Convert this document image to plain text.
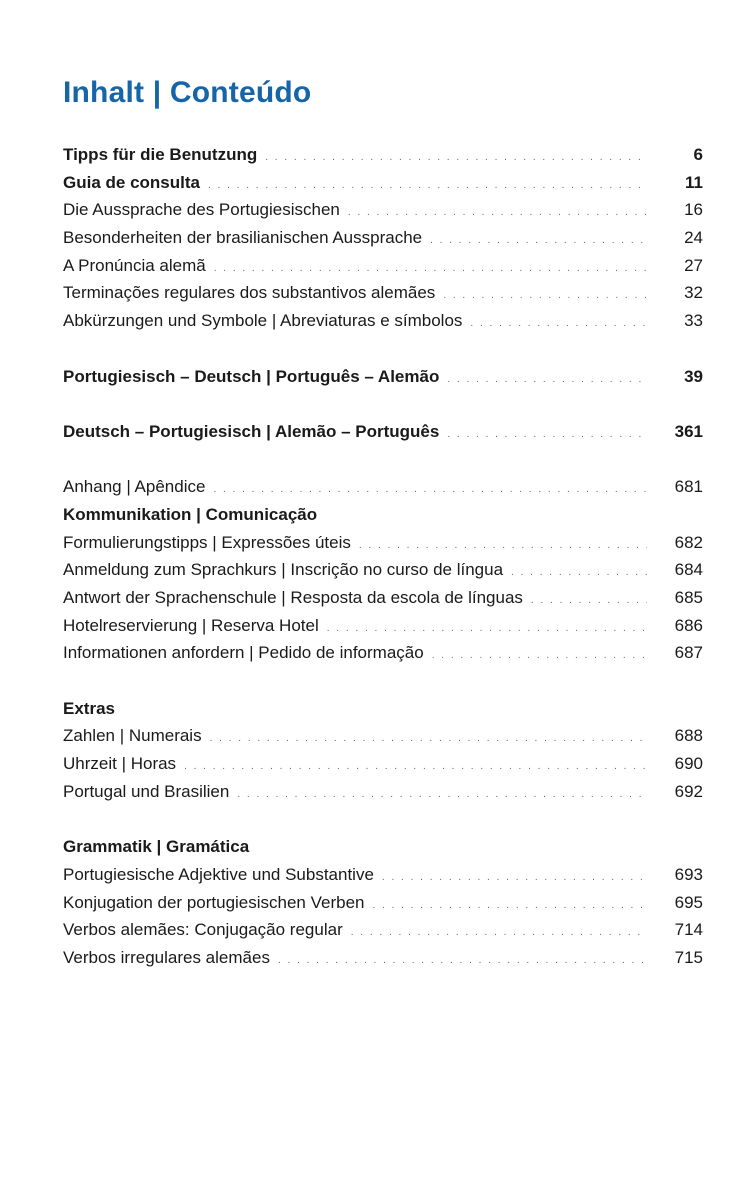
Inhalt | Conteúdo
Tipps für die Benutzung . . .	6
Guia de consulta . . .	11
Die Aussprache des Portugiesischen . . .	16
Besonderheiten der brasilianischen Aussprache . . .	24
A Pronúncia alemã . . .	27
Terminações regulares dos substantivos alemães . . .	32
Abkürzungen und Symbole | Abreviaturas e símbolos . . .	33
Portugiesisch – Deutsch | Português – Alemão . . .	39
Deutsch – Portugiesisch | Alemão – Português . . .	361
Anhang | Apêndice . . .	681
Kommunikation | Comunicação
Formulierungstipps | Expressões úteis . . .	682
Anmeldung zum Sprachkurs | Inscrição no curso de língua . . .	684
Antwort der Sprachenschule | Resposta da escola de línguas . . .	685
Hotelreservierung | Reserva Hotel . . .	686
Informationen anfordern | Pedido de informação . . .	687
Extras
Zahlen | Numerais . . .	688
Uhrzeit | Horas . . .	690
Portugal und Brasilien . . .	692
Grammatik | Gramática
Portugiesische Adjektive und Substantive . . .	693
Konjugation der portugiesischen Verben . . .	695
Verbos alemães: Conjugação regular . . .	714
Verbos irregulares alemães . . .	715
